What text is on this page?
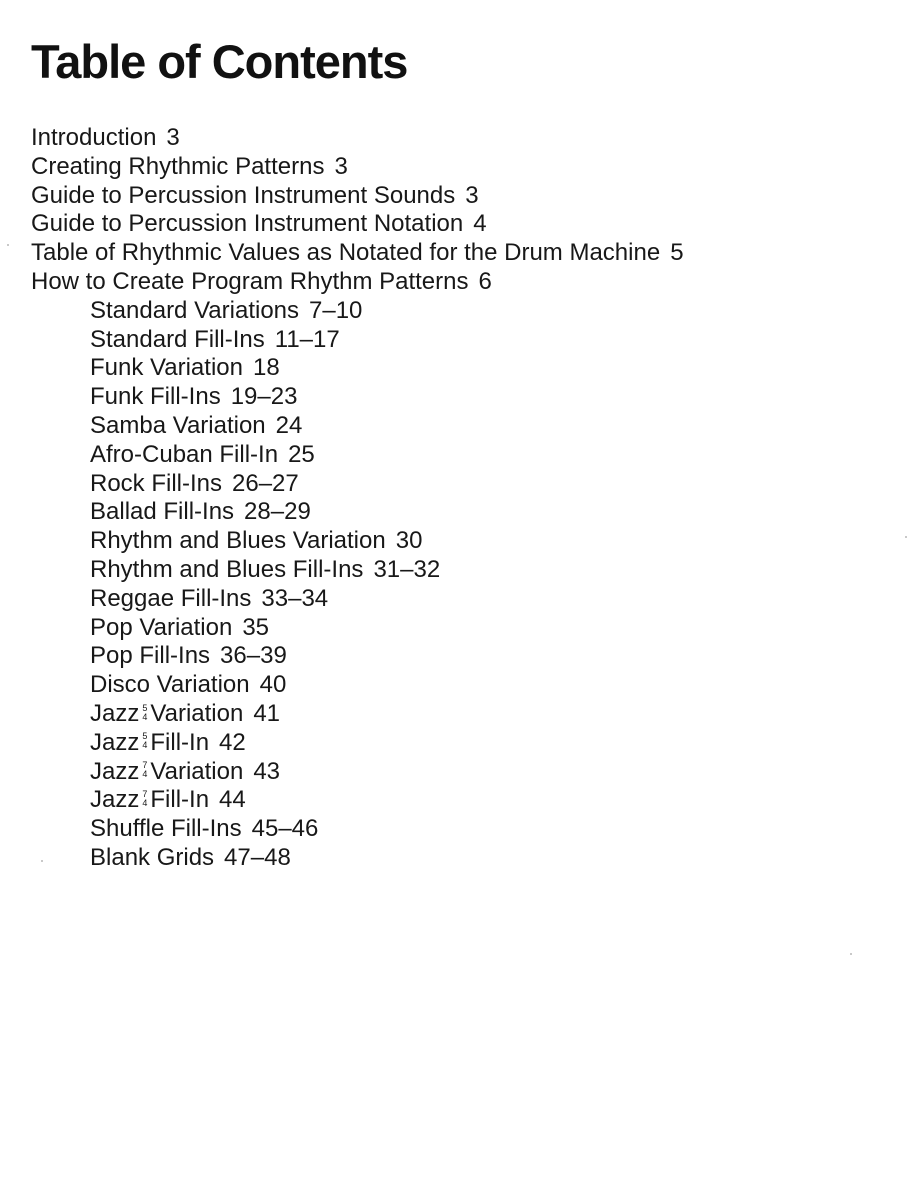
Table of Contents
Introduction 3
Creating Rhythmic Patterns 3
Guide to Percussion Instrument Sounds 3
Guide to Percussion Instrument Notation 4
Table of Rhythmic Values as Notated for the Drum Machine 5
How to Create Program Rhythm Patterns 6
Standard Variations 7–10
Standard Fill-Ins 11–17
Funk Variation 18
Funk Fill-Ins 19–23
Samba Variation 24
Afro-Cuban Fill-In 25
Rock Fill-Ins 26–27
Ballad Fill-Ins 28–29
Rhythm and Blues Variation 30
Rhythm and Blues Fill-Ins 31–32
Reggae Fill-Ins 33–34
Pop Variation 35
Pop Fill-Ins 36–39
Disco Variation 40
Jazz 5
4 Variation 41
Jazz 5
4 Fill-In 42
Jazz 7
4 Variation 43
Jazz 7
4 Fill-In 44
Shuffle Fill-Ins 45–46
Blank Grids 47–48
